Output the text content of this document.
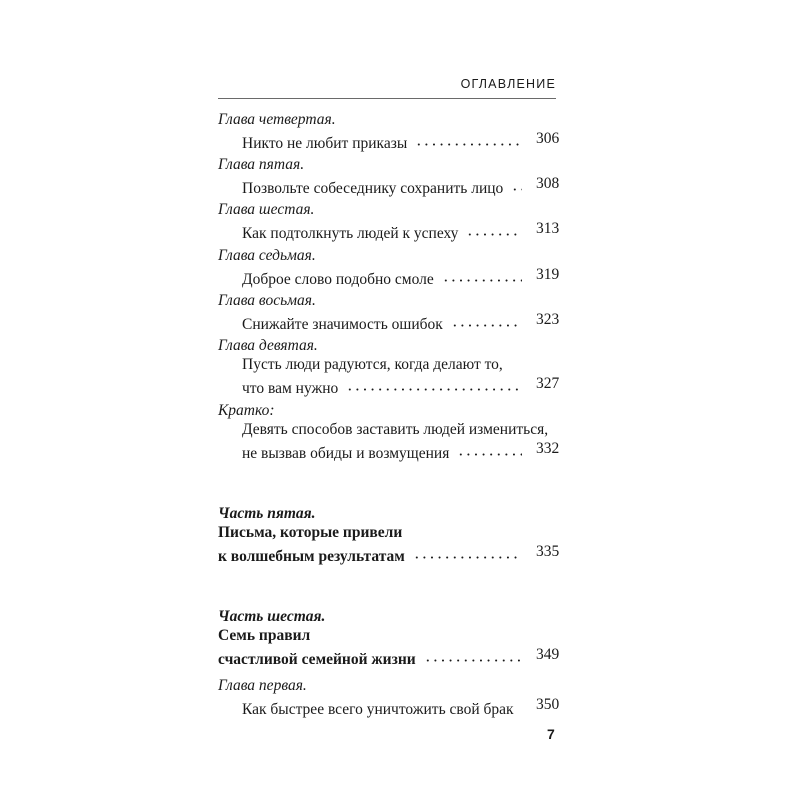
ОГЛАВЛЕНИЕ
Глава четвертая.
Никто не любит приказы	306
Глава пятая.
Позвольте собеседнику сохранить лицо 308
Глава шестая.
Как подтолкнуть людей к успеху	313
Глава седьмая.
Доброе слово подобно смоле	319
Глава восьмая.
Снижайте значимость ошибок	323
Глава девятая.
Пусть люди радуются, когда делают то,
что вам нужно	327
Кратко:
Девять способов заставить людей измениться,
не вызвав обиды и возмущения	332
Часть пятая.
Письма, которые привели
к волшебным результатам	335
Часть шестая.
Семь правил
счастливой семейной жизни	349
Глава первая.
Как быстрее всего уничтожить свой брак 350
7
